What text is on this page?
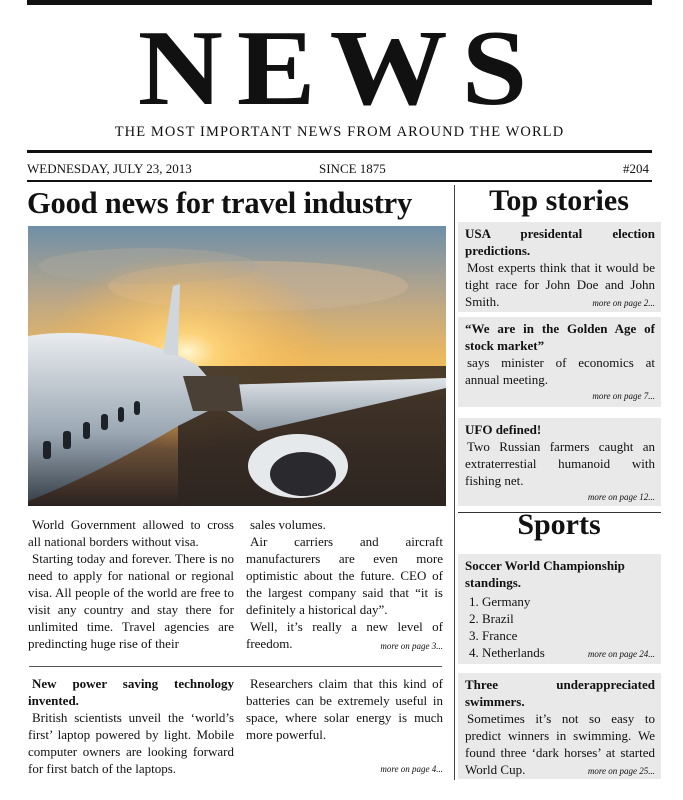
NEWS
THE MOST IMPORTANT NEWS FROM AROUND THE WORLD
WEDNESDAY, JULY 23, 2013	SINCE 1875	#204
Good news for travel industry

World Government allowed to cross all national borders without visa.

Starting today and forever. There is no need to apply for national or regional visa. All people of the world are free to visit any country and stay there for unlimited time. Travel agencies are predincting huge rise of their

sales volumes.

Air carriers and aircraft manufacturers are even more optimistic about the future. CEO of the largest company said that “it is definitely a historical day”.

Well, it’s really a new level of freedom.	more on page 3...

New power saving technology invented.

British scientists unveil the ‘world’s first’ laptop powered by light. Mobile computer owners are looking forward for first batch of the laptops.

Researchers claim that this kind of batteries can be extremely useful in space, where solar energy is much more powerful.

more on page 4...
Top stories
USA presidental election predictions.
Most experts think that it would be tight race for John Doe and John Smith.	more on page 2...
“We are in the Golden Age of stock market”
says minister of economics at annual meeting.
more on page 7...
UFO defined!
Two Russian farmers caught an extraterrestial humanoid with fishing net.
more on page 12...
Sports
Soccer World Championship standings.
1. Germany
2. Brazil
3. France
4. Netherlands	more on page 24...
Three underappreciated swimmers.
Sometimes it’s not so easy to predict winners in swimming. We found three ‘dark horses’ at started World Cup.	more on page 25...
